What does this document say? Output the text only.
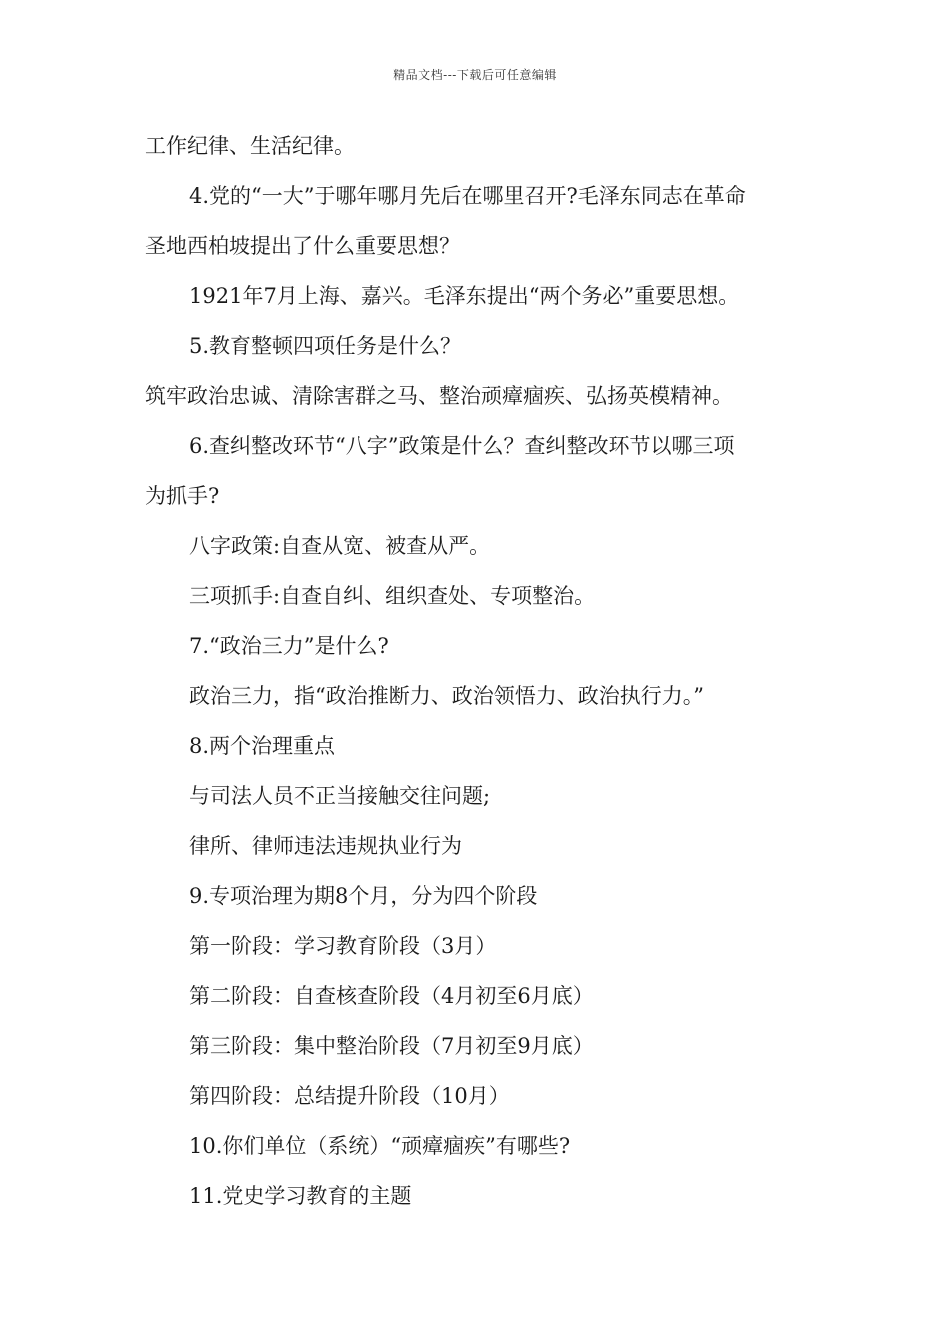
精品文档---下载后可任意编辑
工作纪律、生活纪律。
4.党的“一大”于哪年哪月先后在哪里召开?毛泽东同志在革命
圣地西柏坡提出了什么重要思想？
1921年7月上海、嘉兴。毛泽东提出“两个务必”重要思想。
5.教育整顿四项任务是什么？
筑牢政治忠诚、清除害群之马、整治顽瘴痼疾、弘扬英模精神。
6.查纠整改环节“八字”政策是什么？查纠整改环节以哪三项
为抓手?
八字政策:自查从宽、被查从严。
三项抓手:自查自纠、组织查处、专项整治。
7.“政治三力”是什么?
政治三力，指“政治推断力、政治领悟力、政治执行力。”
8.两个治理重点
与司法人员不正当接触交往问题;
律所、律师违法违规执业行为
9.专项治理为期8个月，分为四个阶段
第一阶段：学习教育阶段（3月）
第二阶段：自查核查阶段（4月初至6月底）
第三阶段：集中整治阶段（7月初至9月底）
第四阶段：总结提升阶段（10月）
10.你们单位（系统）“顽瘴痼疾”有哪些?
11.党史学习教育的主题
